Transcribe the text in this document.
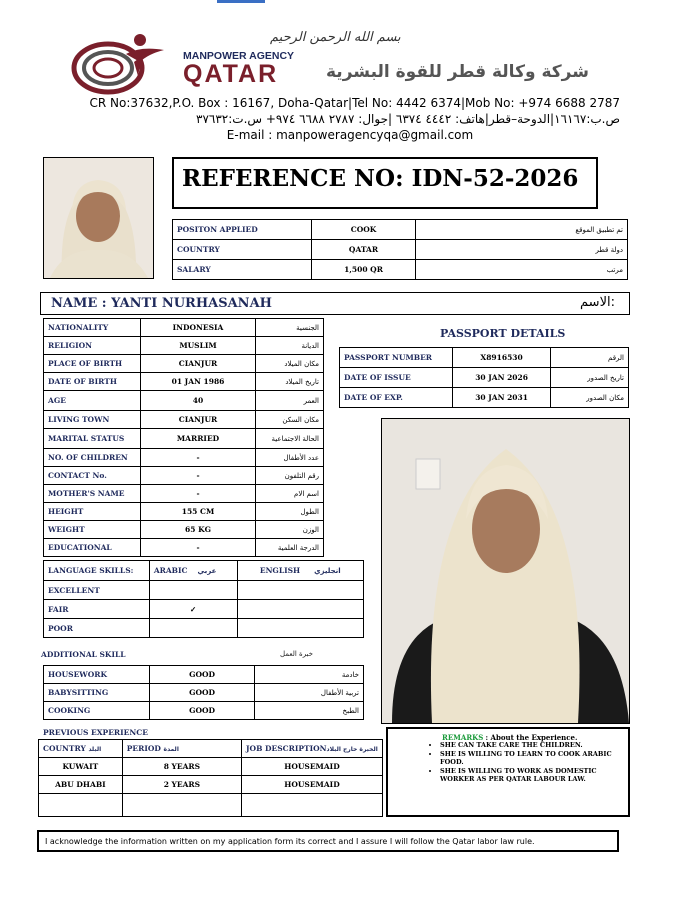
بسم الله الرحمن الرحيم
MANPOWER AGENCY
QATAR	شركة وكالة قطر للقوة البشرية
CR No:37632,P.O. Box : 16167, Doha-Qatar|Tel No: 4442 6374|Mob No: +974 6688 2787
ص.ب:١٦١٦٧|الدوحة–قطر|هاتف: ٤٤٤٢ ٦٣٧٤ |جوال: ٢٧٨٧ ٦٦٨٨ ٩٧٤+ س.ت:٣٧٦٣٢
E-mail : manpoweragencyqa@gmail.com
REFERENCE NO: IDN-52-2026
POSITON APPLIED	COOK	تم تطبيق الموقع
COUNTRY	QATAR	دولة قطر
SALARY	1,500 QR	مرتب
NAME : YANTI NURHASANAH	الاسم:
NATIONALITY	INDONESIA	الجنسية
RELIGION	MUSLIM	الديانة
PLACE OF BIRTH	CIANJUR	مكان الميلاد
DATE OF BIRTH	01 JAN 1986	تاريخ الميلاد
AGE	40	العمر
LIVING TOWN	CIANJUR	مكان السكن
MARITAL STATUS	MARRIED	الحالة الاجتماعية
NO. OF CHILDREN	-	عدد الأطفال
CONTACT No.	-	رقم التلفون
MOTHER'S NAME	-	اسم الام
HEIGHT	155 CM	الطول
WEIGHT	65 KG	الوزن
EDUCATIONAL	-	الدرجة العلمية
PASSPORT DETAILS
PASSPORT NUMBER	X8916530	الرقم
DATE OF ISSUE	30 JAN 2026	تاريخ الصدور
DATE OF EXP.	30 JAN 2031	مكان الصدور
LANGUAGE SKILLS:	ARABIC عربي	ENGLISH انجليزي
EXCELLENT		
FAIR	✓	
POOR		
ADDITIONAL SKILL	خبرة العمل
HOUSEWORK	GOOD	خادمة
BABYSITTING	GOOD	تربية الأطفال
COOKING	GOOD	الطبخ
PREVIOUS EXPERIENCE
COUNTRY البلد	PERIOD المدة	JOB DESCRIPTIONالخبرة خارج البلاد
KUWAIT	8 YEARS	HOUSEMAID
ABU DHABI	2 YEARS	HOUSEMAID

REMARKS : About the Experience.
• SHE CAN TAKE CARE THE CHILDREN.
• SHE IS WILLING TO LEARN TO COOK ARABIC FOOD.
• SHE IS WILLING TO WORK AS DOMESTIC WORKER AS PER QATAR LABOUR LAW.
I acknowledge the information written on my application form its correct and I assure I will follow the Qatar labor law rule.
